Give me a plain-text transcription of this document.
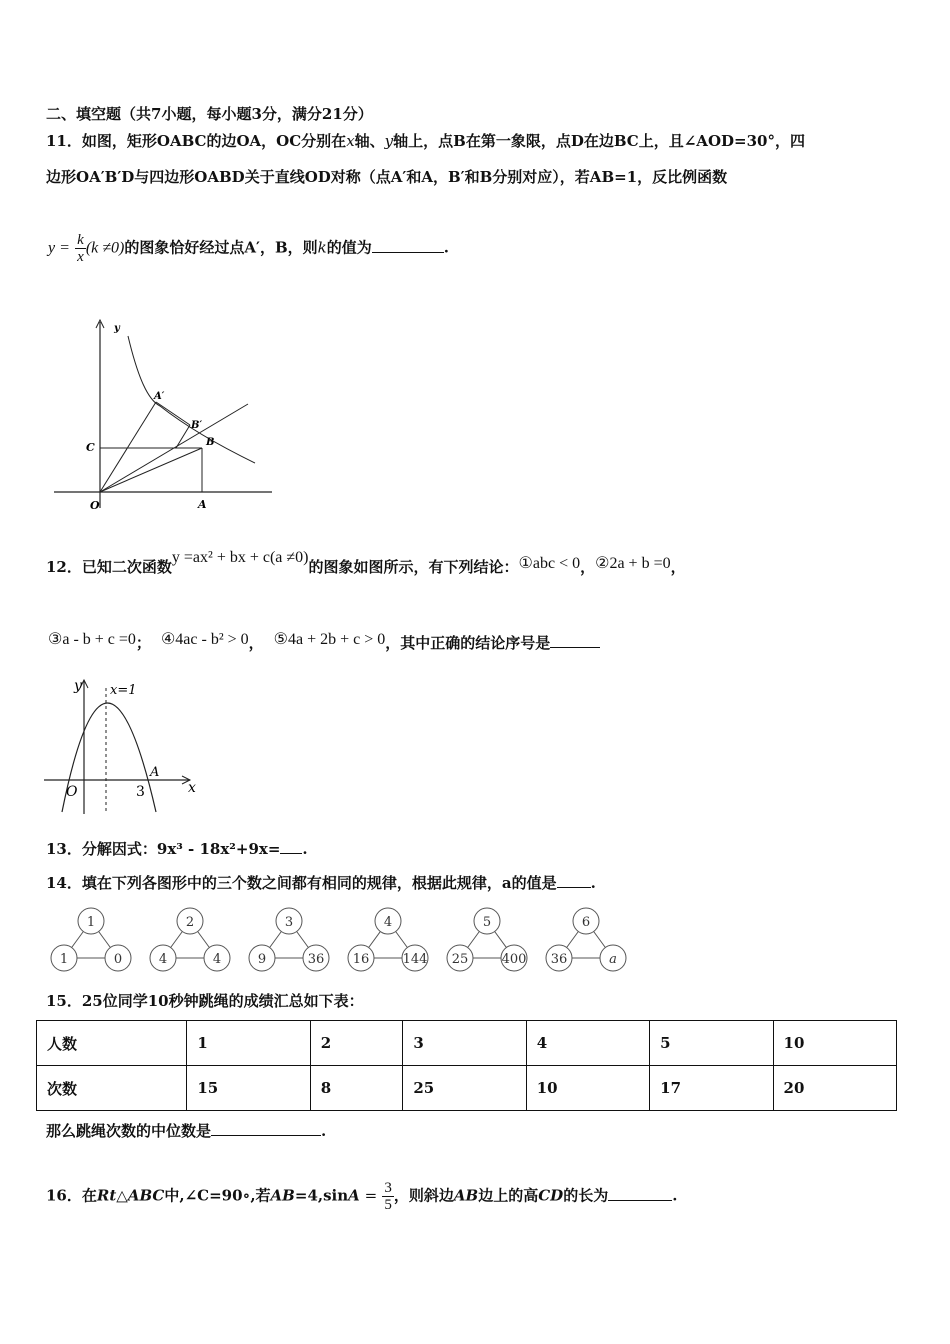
二、填空题（共7小题，每小题3分，满分21分）
11．如图，矩形OABC的边OA，OC分别在x轴、y轴上，点B在第一象限，点D在边BC上，且∠AOD=30°，四
边形OA′B′D与四边形OABD关于直线OD对称（点A′和A，B′和B分别对应），若AB=1，反比例函数
$y = \frac{k}{x} (k \ne 0)$的图象恰好经过点A′，B，则k的值为	.
y
C
O	A
A′
B′
B
12．已知二次函数y =ax² + bx + c(a ≠0)的图象如图所示，有下列结论：①abc < 0，②2a + b =0，
③a - b + c =0； ④4ac - b² > 0， ⑤4a + 2b + c > 0，其中正确的结论序号是
y x=1
A
O	3	x
13．分解因式：9x³ - 18x²+9x= .
14．填在下列各图形中的三个数之间都有相同的规律，根据此规律，a的值是 .
1
1	0
2
4	4
3
9	36
4
16	144
5
25	400
6
36	a
15．25位同学10秒钟跳绳的成绩汇总如下表：
人数	1	2	3	4	5	10
次数	15	8	25	10	17	20
那么跳绳次数的中位数是	.
16．在Rt△ABC中,∠C=90∘,若$AB=4,\sin A = \frac{3}{5}$ ，则斜边AB边上的高CD的长为	.
